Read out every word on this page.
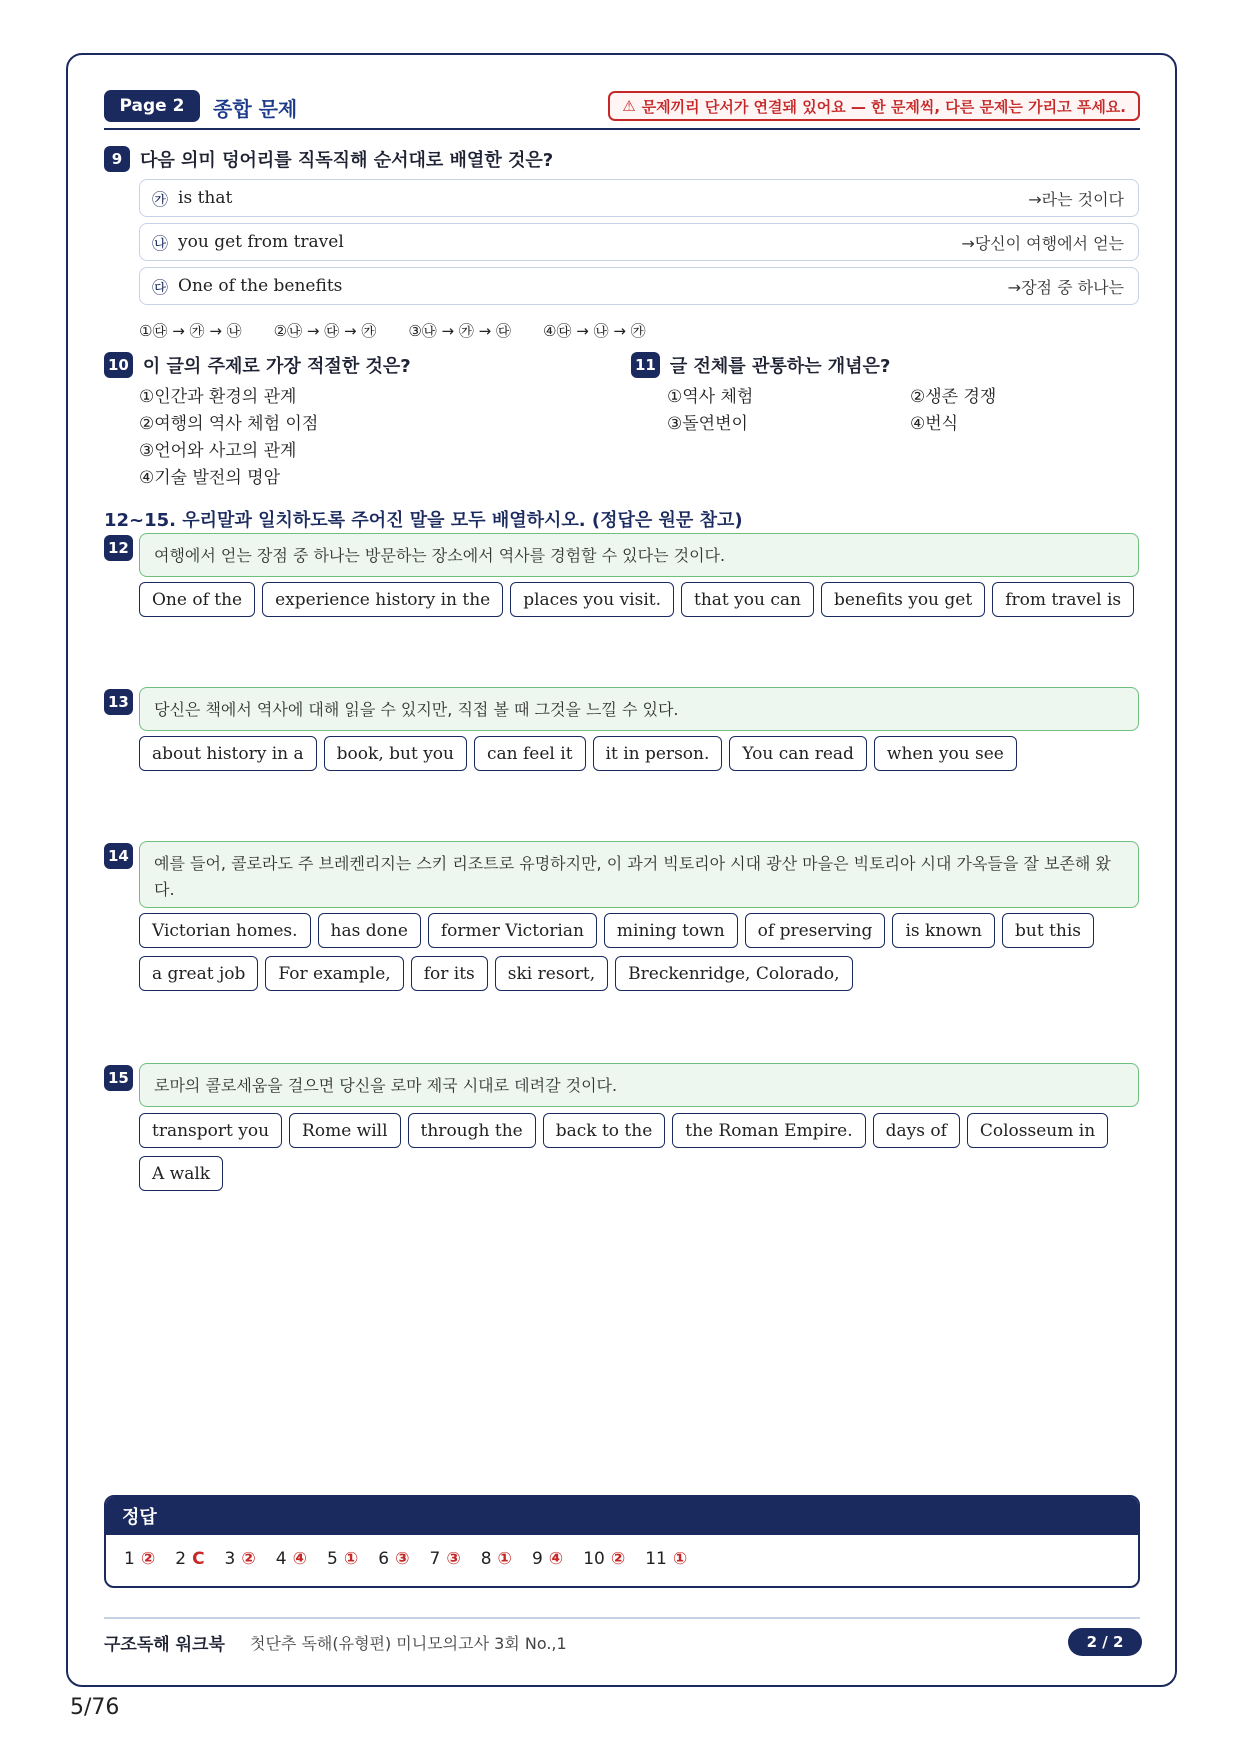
Page 2	종합 문제	⚠ 문제끼리 단서가 연결돼 있어요 — 한 문제씩, 다른 문제는 가리고 푸세요.
9 다음 의미 덩어리를 직독직해 순서대로 배열한 것은?
㉮ is that	→라는 것이다
㉯ you get from travel	→당신이 여행에서 얻는
㉰ One of the benefits	→장점 중 하나는
①㉰ → ㉮ → ㉯ ②㉯ → ㉰ → ㉮ ③㉯ → ㉮ → ㉰ ④㉰ → ㉯ → ㉮
10 이 글의 주제로 가장 적절한 것은?
①인간과 환경의 관계
②여행의 역사 체험 이점
③언어와 사고의 관계
④기술 발전의 명암
11 글 전체를 관통하는 개념은?
①역사 체험
③돌연변이
②생존 경쟁
④번식
12~15. 우리말과 일치하도록 주어진 말을 모두 배열하시오. (정답은 원문 참고)
12	여행에서 얻는 장점 중 하나는 방문하는 장소에서 역사를 경험할 수 있다는 것이다.
One of the	experience history in the	places you visit.	that you can	benefits you get	from travel is
13	당신은 책에서 역사에 대해 읽을 수 있지만, 직접 볼 때 그것을 느낄 수 있다.
about history in a	book, but you	can feel it	it in person.	You can read	when you see
14	예를 들어, 콜로라도 주 브레켄리지는 스키 리조트로 유명하지만, 이 과거 빅토리아 시대 광산 마을은 빅토리아 시대 가옥들을 잘 보존해 왔다.
Victorian homes.	has done	former Victorian	mining town	of preserving	is known	but this
a great job	For example,	for its	ski resort,	Breckenridge, Colorado,
15	로마의 콜로세움을 걸으면 당신을 로마 제국 시대로 데려갈 것이다.
transport you	Rome will	through the	back to the	the Roman Empire.	days of	Colosseum in
A walk
정답
1 ② 2 C 3 ② 4 ④ 5 ① 6 ③ 7 ③ 8 ① 9 ④ 10 ② 11 ①
구조독해 워크북 첫단추 독해(유형편) 미니모의고사 3회 No.,1	2 / 2
5/76
